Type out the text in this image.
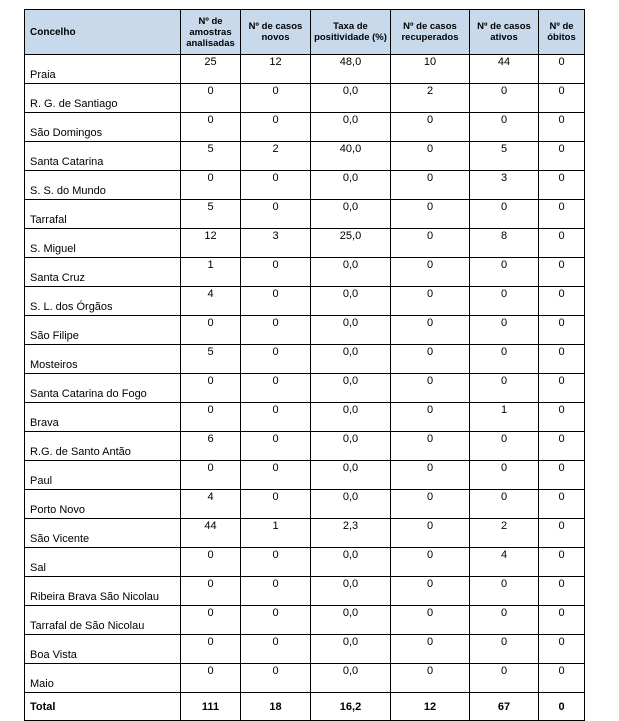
Concelho	Nº de amostras analisadas	Nº de casos novos	Taxa de positividade (%)	Nº de casos recuperados	Nº de casos ativos	Nº de óbitos
Praia	25	12	48,0	10	44	0
R. G. de Santiago	0	0	0,0	2	0	0
São Domingos	0	0	0,0	0	0	0
Santa Catarina	5	2	40,0	0	5	0
S. S. do Mundo	0	0	0,0	0	3	0
Tarrafal	5	0	0,0	0	0	0
S. Miguel	12	3	25,0	0	8	0
Santa Cruz	1	0	0,0	0	0	0
S. L. dos Órgãos	4	0	0,0	0	0	0
São Filipe	0	0	0,0	0	0	0
Mosteiros	5	0	0,0	0	0	0
Santa Catarina do Fogo	0	0	0,0	0	0	0
Brava	0	0	0,0	0	1	0
R.G. de Santo Antão	6	0	0,0	0	0	0
Paul	0	0	0,0	0	0	0
Porto Novo	4	0	0,0	0	0	0
São Vicente	44	1	2,3	0	2	0
Sal	0	0	0,0	0	4	0
Ribeira Brava São Nicolau	0	0	0,0	0	0	0
Tarrafal de São Nicolau	0	0	0,0	0	0	0
Boa Vista	0	0	0,0	0	0	0
Maio	0	0	0,0	0	0	0
Total	111	18	16,2	12	67	0
